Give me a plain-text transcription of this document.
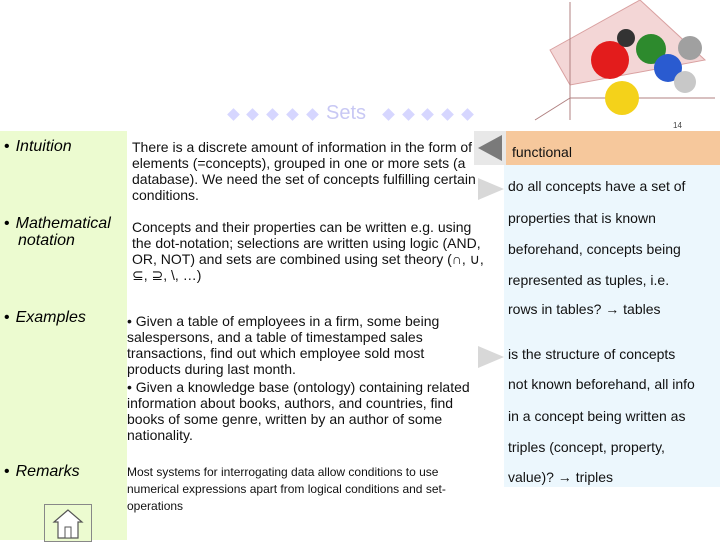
Sets
14
• Intuition	There is a discrete amount of information in the form of elements (=concepts), grouped in one or more sets (a database). We need the set of concepts fulfilling certain conditions.
• Mathematical
notation
Concepts and their properties can be written e.g. using the dot-notation; selections are written using logic (AND, OR, NOT) and sets are combined using set theory (∩, ∪, ⊆, ⊇, \, …)
• Examples	• Given a table of employees in a firm, some being salespersons, and a table of timestamped sales transactions, find out which employee sold most products during last month.
• Given a knowledge base (ontology) containing related information about books, authors, and countries, find books of some genre, written by an author of some nationality.
• Remarks	Most systems for interrogating data allow conditions to use numerical expressions apart from logical conditions and set-operations
functional
do all concepts have a set of
properties that is known
beforehand, concepts being
represented as tuples, i.e.
rows in tables? → tables
is the structure of concepts
not known beforehand, all info
in a concept being written as
triples (concept, property,
value)? → triples
